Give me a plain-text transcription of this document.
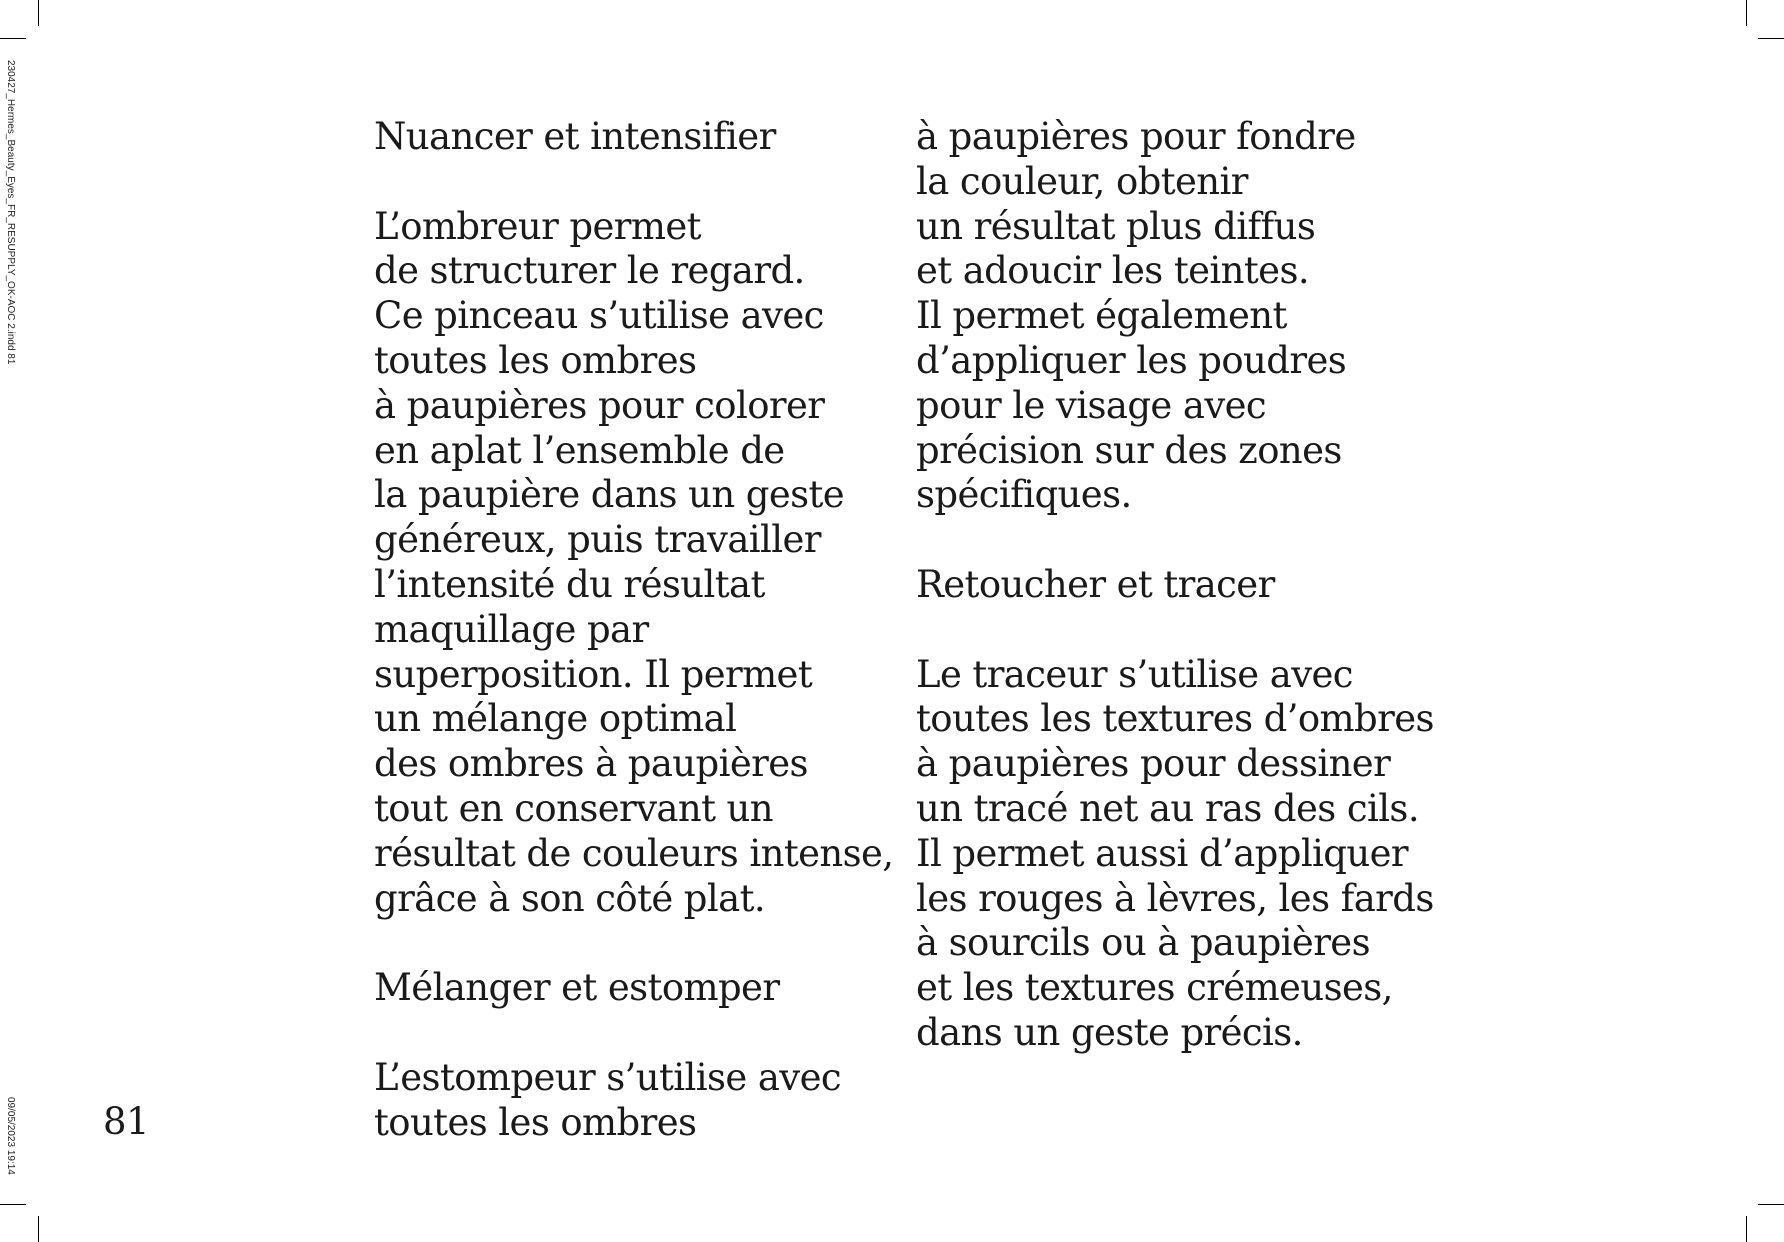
230427_Hermes_Beauty_Eyes_FR_RESUPPLY_OK-AOC 2.indd 81
09/05/2023 19:14 81
Nuancer et intensifier
L’ombreur permet
de structurer le regard.
Ce pinceau s’utilise avec
toutes les ombres
à paupières pour colorer
en aplat l’ensemble de
la paupière dans un geste
généreux, puis travailler
l’intensité du résultat
maquillage par
superposition. Il permet
un mélange optimal
des ombres à paupières
tout en conservant un
résultat de couleurs intense,
grâce à son côté plat.
Mélanger et estomper
L’estompeur s’utilise avec
toutes les ombres
à paupières pour fondre
la couleur, obtenir
un résultat plus diffus
et adoucir les teintes.
Il permet également
d’appliquer les poudres
pour le visage avec
précision sur des zones
spécifiques.
Retoucher et tracer
Le traceur s’utilise avec
toutes les textures d’ombres
à paupières pour dessiner
un tracé net au ras des cils.
Il permet aussi d’appliquer
les rouges à lèvres, les fards
à sourcils ou à paupières
et les textures crémeuses,
dans un geste précis.
